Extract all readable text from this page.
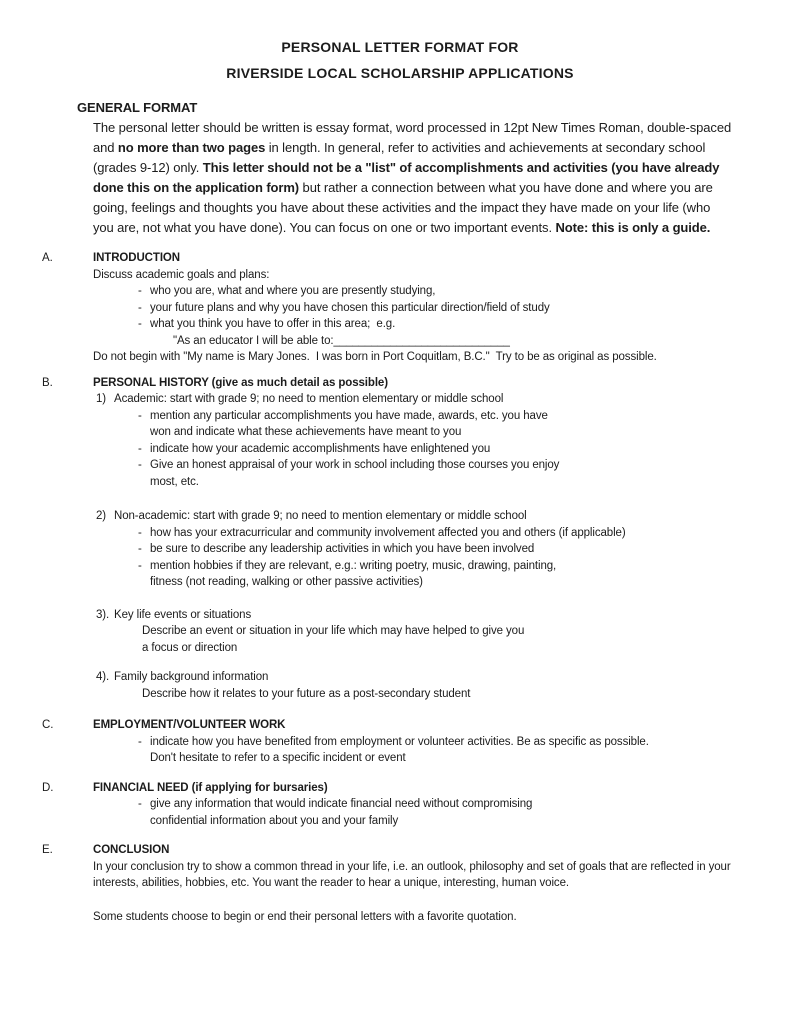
PERSONAL LETTER FORMAT FOR
RIVERSIDE LOCAL SCHOLARSHIP APPLICATIONS
GENERAL FORMAT

The personal letter should be written is essay format, word processed in 12pt New Times Roman, double-spaced and no more than two pages in length. In general, refer to activities and achievements at secondary school (grades 9-12) only. This letter should not be a "list" of accomplishments and activities (you have already done this on the application form) but rather a connection between what you have done and where you are going, feelings and thoughts you have about these activities and the impact they have made on your life (who you are, not what you have done). You can focus on one or two important events. Note: this is only a guide.

A.	INTRODUCTION
Discuss academic goals and plans:
- who you are, what and where you are presently studying,
- your future plans and why you have chosen this particular direction/field of study
- what you think you have to offer in this area;  e.g.
"As an educator I will be able to:____________________________
Do not begin with "My name is Mary Jones.  I was born in Port Coquitlam, B.C."  Try to be as original as possible.
B.	PERSONAL HISTORY (give as much detail as possible)
1) Academic: start with grade 9; no need to mention elementary or middle school
- mention any particular accomplishments you have made, awards, etc. you have won and indicate what these achievements have meant to you
- indicate how your academic accomplishments have enlightened you
- Give an honest appraisal of your work in school including those courses you enjoy most, etc.
2) Non-academic: start with grade 9; no need to mention elementary or middle school
- how has your extracurricular and community involvement affected you and others (if applicable)
- be sure to describe any leadership activities in which you have been involved
- mention hobbies if they are relevant, e.g.: writing poetry, music, drawing, painting, fitness (not reading, walking or other passive activities)
3). Key life events or situations
Describe an event or situation in your life which may have helped to give you a focus or direction
4). Family background information
Describe how it relates to your future as a post-secondary student
C.	EMPLOYMENT/VOLUNTEER WORK
- indicate how you have benefited from employment or volunteer activities. Be as specific as possible. Don't hesitate to refer to a specific incident or event
D.	FINANCIAL NEED (if applying for bursaries)
- give any information that would indicate financial need without compromising confidential information about you and your family
E.	CONCLUSION
In your conclusion try to show a common thread in your life, i.e. an outlook, philosophy and set of goals that are reflected in your interests, abilities, hobbies, etc. You want the reader to hear a unique, interesting, human voice.
Some students choose to begin or end their personal letters with a favorite quotation.
